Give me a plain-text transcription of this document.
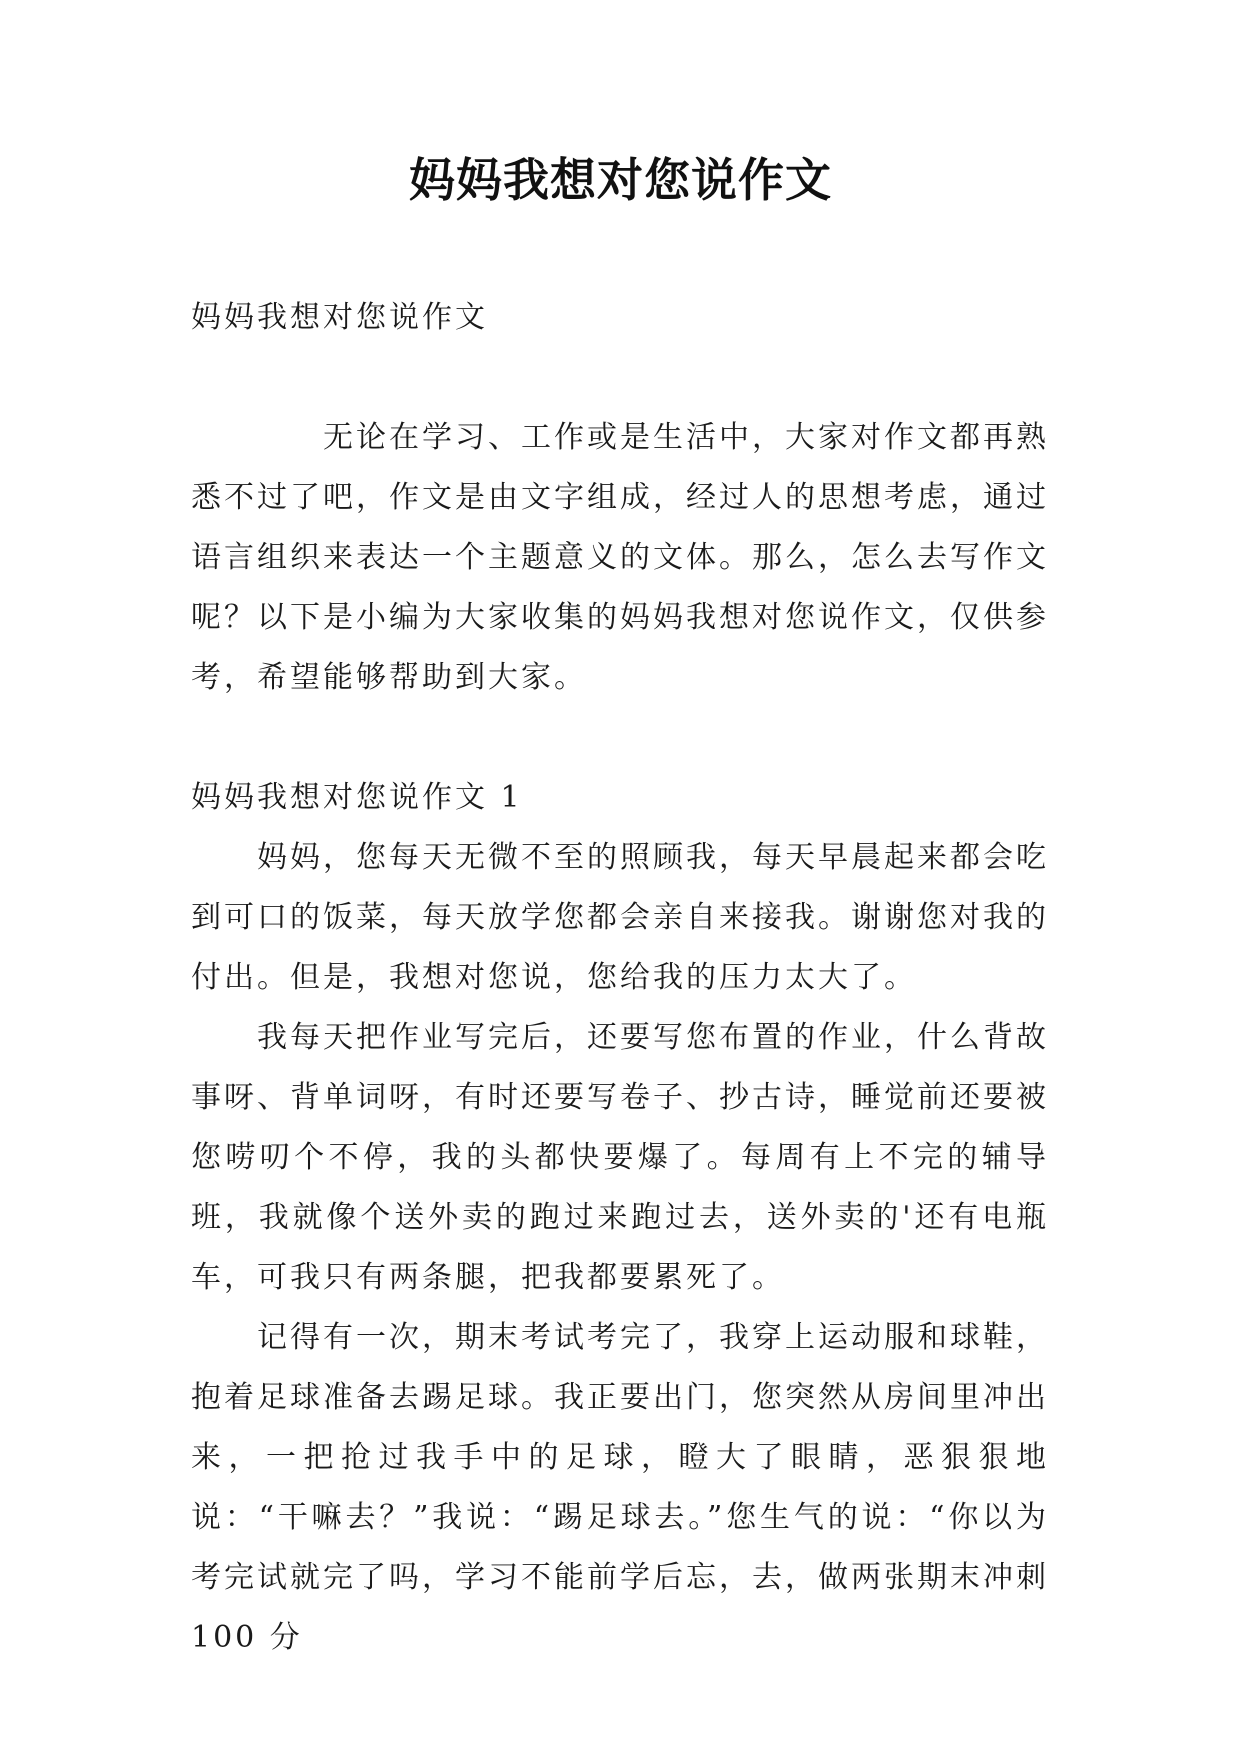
妈妈我想对您说作文

妈妈我想对您说作文

无论在学习、工作或是生活中，大家对作文都再熟悉不过了吧，作文是由文字组成，经过人的思想考虑，通过语言组织来表达一个主题意义的文体。那么，怎么去写作文呢？以下是小编为大家收集的妈妈我想对您说作文，仅供参考，希望能够帮助到大家。

妈妈我想对您说作文 1

妈妈，您每天无微不至的照顾我，每天早晨起来都会吃到可口的饭菜，每天放学您都会亲自来接我。谢谢您对我的付出。但是，我想对您说，您给我的压力太大了。

我每天把作业写完后，还要写您布置的作业，什么背故事呀、背单词呀，有时还要写卷子、抄古诗，睡觉前还要被您唠叨个不停，我的头都快要爆了。每周有上不完的辅导班，我就像个送外卖的跑过来跑过去，送外卖的'还有电瓶车，可我只有两条腿，把我都要累死了。

记得有一次，期末考试考完了，我穿上运动服和球鞋，抱着足球准备去踢足球。我正要出门，您突然从房间里冲出来，一把抢过我手中的足球，瞪大了眼睛，恶狠狠地说：“干嘛去？”我说：“踢足球去。”您生气的说：“你以为考完试就完了吗，学习不能前学后忘，去，做两张期末冲刺 100 分
